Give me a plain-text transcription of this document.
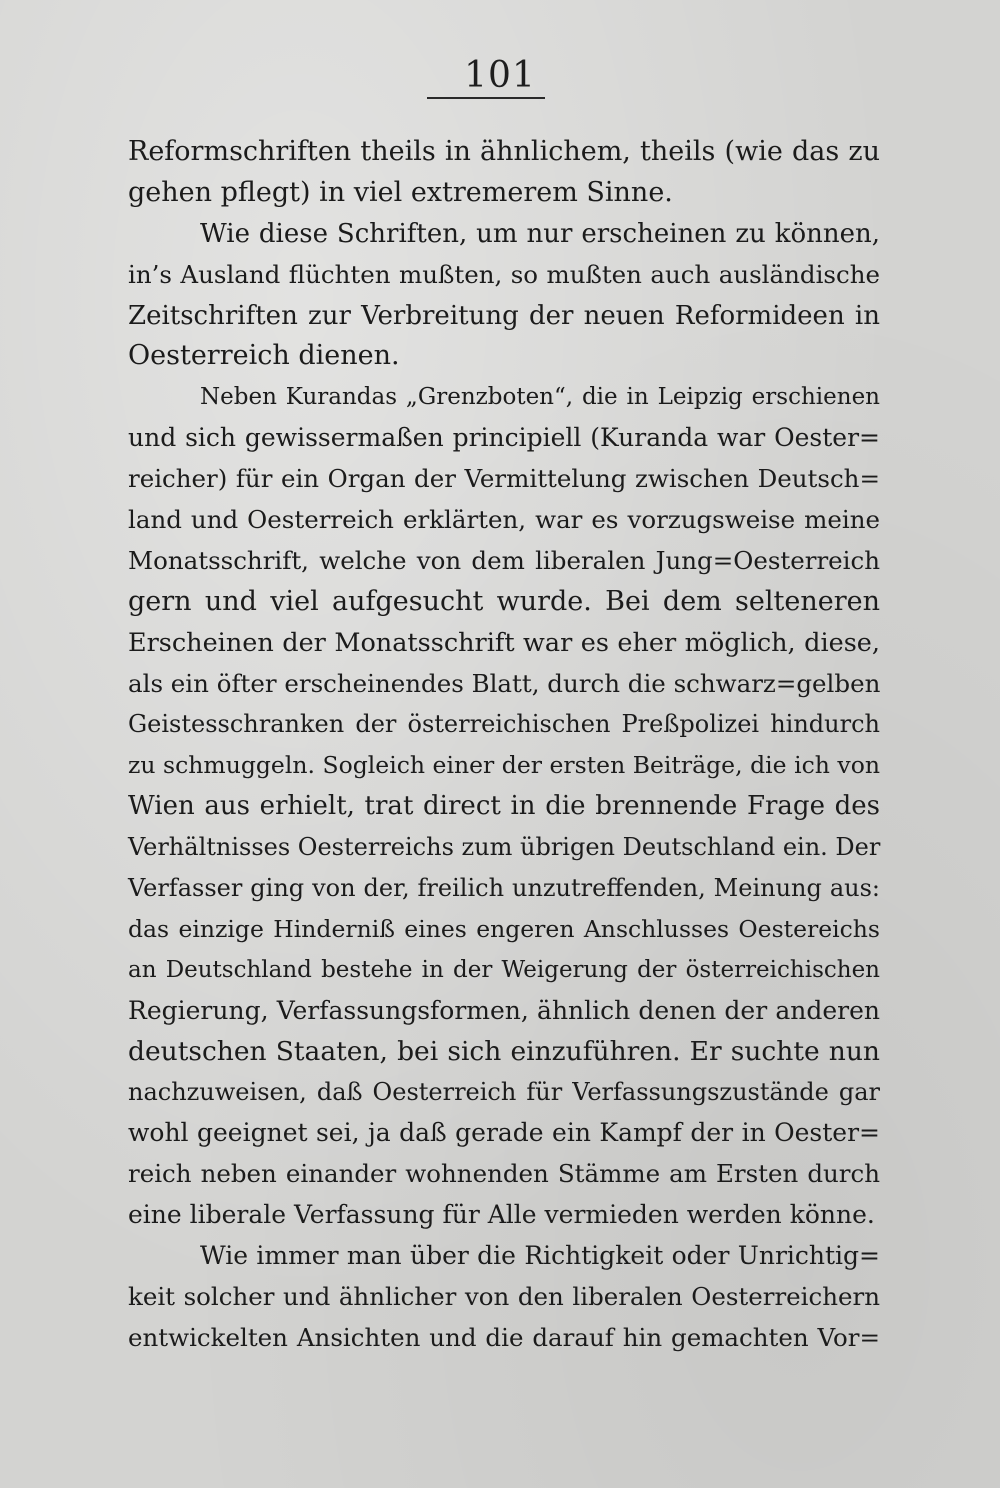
101
Reformschriften theils in ähnlichem, theils (wie das zu
gehen pflegt) in viel extremerem Sinne.
Wie diese Schriften, um nur erscheinen zu können,
in’s Ausland flüchten mußten, so mußten auch ausländische
Zeitschriften zur Verbreitung der neuen Reformideen in
Oesterreich dienen.
Neben Kurandas „Grenzboten“, die in Leipzig erschienen
und sich gewissermaßen principiell (Kuranda war Oester=
reicher) für ein Organ der Vermittelung zwischen Deutsch=
land und Oesterreich erklärten, war es vorzugsweise meine
Monatsschrift, welche von dem liberalen Jung=Oesterreich
gern und viel aufgesucht wurde. Bei dem selteneren
Erscheinen der Monatsschrift war es eher möglich, diese,
als ein öfter erscheinendes Blatt, durch die schwarz=gelben
Geistesschranken der österreichischen Preßpolizei hindurch
zu schmuggeln. Sogleich einer der ersten Beiträge, die ich von
Wien aus erhielt, trat direct in die brennende Frage des
Verhältnisses Oesterreichs zum übrigen Deutschland ein. Der
Verfasser ging von der, freilich unzutreffenden, Meinung aus:
das einzige Hinderniß eines engeren Anschlusses Oestereichs
an Deutschland bestehe in der Weigerung der österreichischen
Regierung, Verfassungsformen, ähnlich denen der anderen
deutschen Staaten, bei sich einzuführen. Er suchte nun
nachzuweisen, daß Oesterreich für Verfassungszustände gar
wohl geeignet sei, ja daß gerade ein Kampf der in Oester=
reich neben einander wohnenden Stämme am Ersten durch
eine liberale Verfassung für Alle vermieden werden könne.
Wie immer man über die Richtigkeit oder Unrichtig=
keit solcher und ähnlicher von den liberalen Oesterreichern
entwickelten Ansichten und die darauf hin gemachten Vor=
